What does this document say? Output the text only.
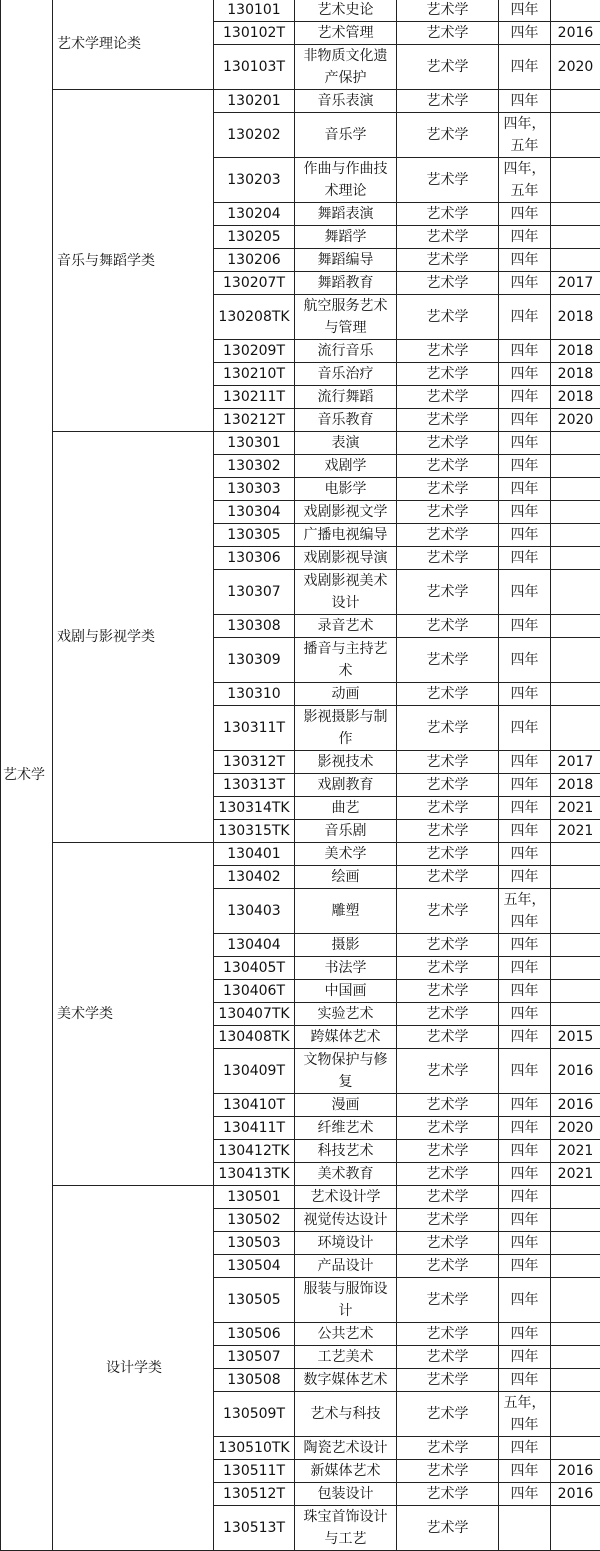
艺术学	艺术学理论类	130101	艺术史论	艺术学	四年	
		130102T	艺术管理	艺术学	四年	2016
		130103T	非物质文化遗产保护	艺术学	四年	2020
	音乐与舞蹈学类	130201	音乐表演	艺术学	四年	
		130202	音乐学	艺术学	四年，五年	
		130203	作曲与作曲技术理论	艺术学	四年，五年	
		130204	舞蹈表演	艺术学	四年	
		130205	舞蹈学	艺术学	四年	
		130206	舞蹈编导	艺术学	四年	
		130207T	舞蹈教育	艺术学	四年	2017
		130208TK	航空服务艺术与管理	艺术学	四年	2018
		130209T	流行音乐	艺术学	四年	2018
		130210T	音乐治疗	艺术学	四年	2018
		130211T	流行舞蹈	艺术学	四年	2018
		130212T	音乐教育	艺术学	四年	2020
	戏剧与影视学类	130301	表演	艺术学	四年	
		130302	戏剧学	艺术学	四年	
		130303	电影学	艺术学	四年	
		130304	戏剧影视文学	艺术学	四年	
		130305	广播电视编导	艺术学	四年	
		130306	戏剧影视导演	艺术学	四年	
		130307	戏剧影视美术设计	艺术学	四年	
		130308	录音艺术	艺术学	四年	
		130309	播音与主持艺术	艺术学	四年	
		130310	动画	艺术学	四年	
		130311T	影视摄影与制作	艺术学	四年	
		130312T	影视技术	艺术学	四年	2017
		130313T	戏剧教育	艺术学	四年	2018
		130314TK	曲艺	艺术学	四年	2021
		130315TK	音乐剧	艺术学	四年	2021
	美术学类	130401	美术学	艺术学	四年	
		130402	绘画	艺术学	四年	
		130403	雕塑	艺术学	五年，四年	
		130404	摄影	艺术学	四年	
		130405T	书法学	艺术学	四年	
		130406T	中国画	艺术学	四年	
		130407TK	实验艺术	艺术学	四年	
		130408TK	跨媒体艺术	艺术学	四年	2015
		130409T	文物保护与修复	艺术学	四年	2016
		130410T	漫画	艺术学	四年	2016
		130411T	纤维艺术	艺术学	四年	2020
		130412TK	科技艺术	艺术学	四年	2021
		130413TK	美术教育	艺术学	四年	2021
	设计学类	130501	艺术设计学	艺术学	四年	
		130502	视觉传达设计	艺术学	四年	
		130503	环境设计	艺术学	四年	
		130504	产品设计	艺术学	四年	
		130505	服装与服饰设计	艺术学	四年	
		130506	公共艺术	艺术学	四年	
		130507	工艺美术	艺术学	四年	
		130508	数字媒体艺术	艺术学	四年	
		130509T	艺术与科技	艺术学	五年，四年	
		130510TK	陶瓷艺术设计	艺术学	四年	
		130511T	新媒体艺术	艺术学	四年	2016
		130512T	包装设计	艺术学	四年	2016
		130513T	珠宝首饰设计与工艺	艺术学		
